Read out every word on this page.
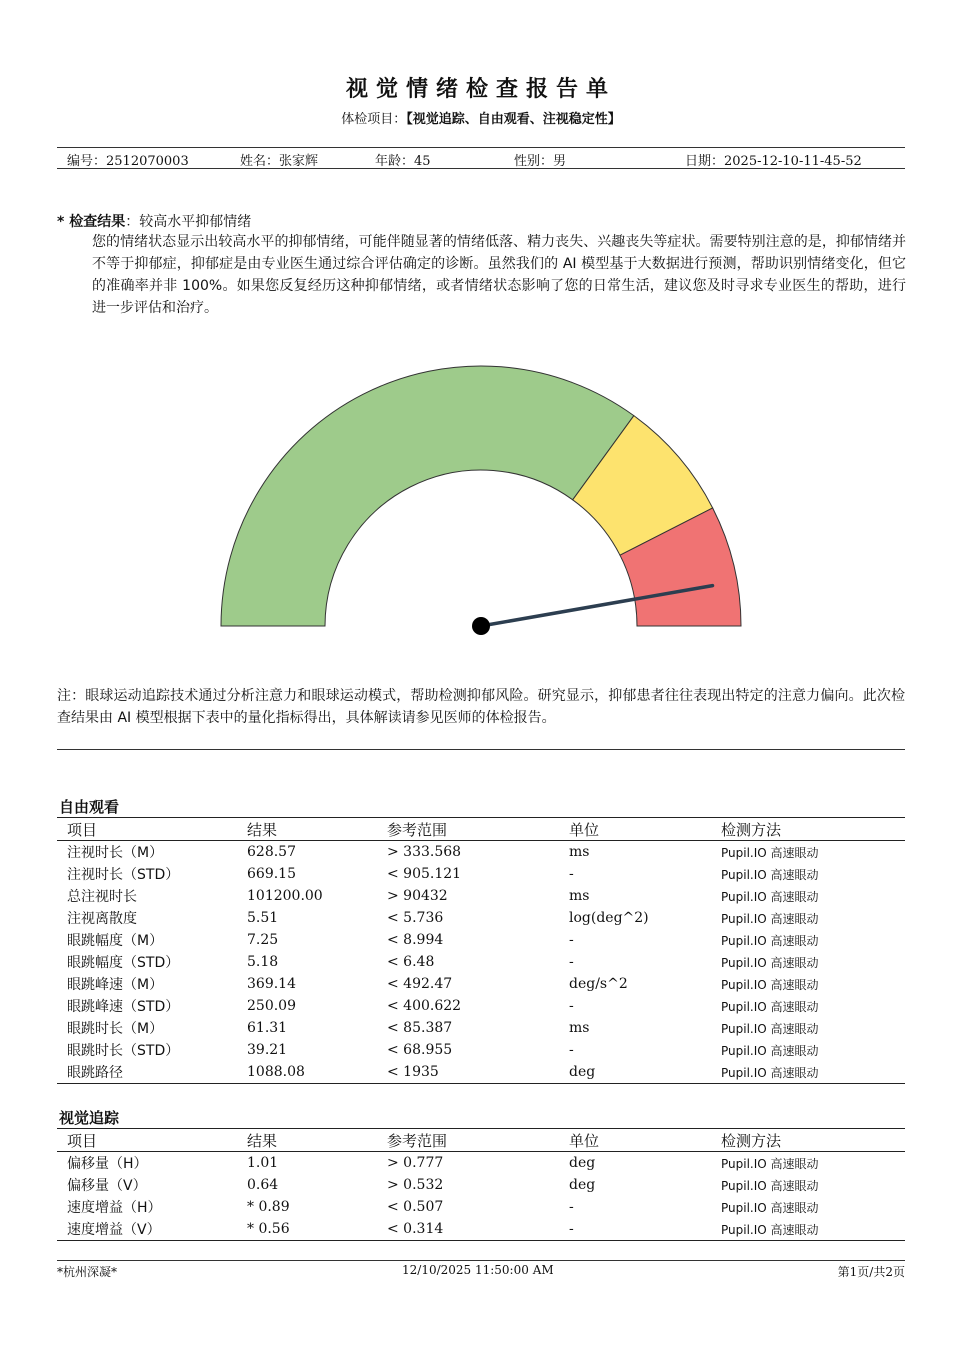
视觉情绪检查报告单
体检项目：【视觉追踪、自由观看、注视稳定性】
编号：2512070003	姓名：张家辉	年龄：45	性别：男	日期：2025-12-10-11-45-52
* 检查结果：较高水平抑郁情绪
您的情绪状态显示出较高水平的抑郁情绪，可能伴随显著的情绪低落、精力丧失、兴趣丧失等症状。需要特别注意的是，抑郁情绪并不等于抑郁症，抑郁症是由专业医生通过综合评估确定的诊断。虽然我们的 AI 模型基于大数据进行预测，帮助识别情绪变化，但它的准确率并非 100%。如果您反复经历这种抑郁情绪，或者情绪状态影响了您的日常生活，建议您及时寻求专业医生的帮助，进行进一步评估和治疗。
注：眼球运动追踪技术通过分析注意力和眼球运动模式，帮助检测抑郁风险。研究显示，抑郁患者往往表现出特定的注意力偏向。此次检查结果由 AI 模型根据下表中的量化指标得出，具体解读请参见医师的体检报告。
自由观看
项目	结果	参考范围	单位	检测方法
注视时长（M）	628.57	> 333.568	ms	Pupil.IO 高速眼动
注视时长（STD）	669.15	< 905.121	-	Pupil.IO 高速眼动
总注视时长	101200.00	> 90432	ms	Pupil.IO 高速眼动
注视离散度	5.51	< 5.736	log(deg^2)	Pupil.IO 高速眼动
眼跳幅度（M）	7.25	< 8.994	-	Pupil.IO 高速眼动
眼跳幅度（STD）	5.18	< 6.48	-	Pupil.IO 高速眼动
眼跳峰速（M）	369.14	< 492.47	deg/s^2	Pupil.IO 高速眼动
眼跳峰速（STD）	250.09	< 400.622	-	Pupil.IO 高速眼动
眼跳时长（M）	61.31	< 85.387	ms	Pupil.IO 高速眼动
眼跳时长（STD）	39.21	< 68.955	-	Pupil.IO 高速眼动
眼跳路径	1088.08	< 1935	deg	Pupil.IO 高速眼动
视觉追踪
项目	结果	参考范围	单位	检测方法
偏移量（H）	1.01	> 0.777	deg	Pupil.IO 高速眼动
偏移量（V）	0.64	> 0.532	deg	Pupil.IO 高速眼动
速度增益（H）	* 0.89	< 0.507	-	Pupil.IO 高速眼动
速度增益（V）	* 0.56	< 0.314	-	Pupil.IO 高速眼动
*杭州深凝*	12/10/2025 11:50:00 AM	第1页/共2页
